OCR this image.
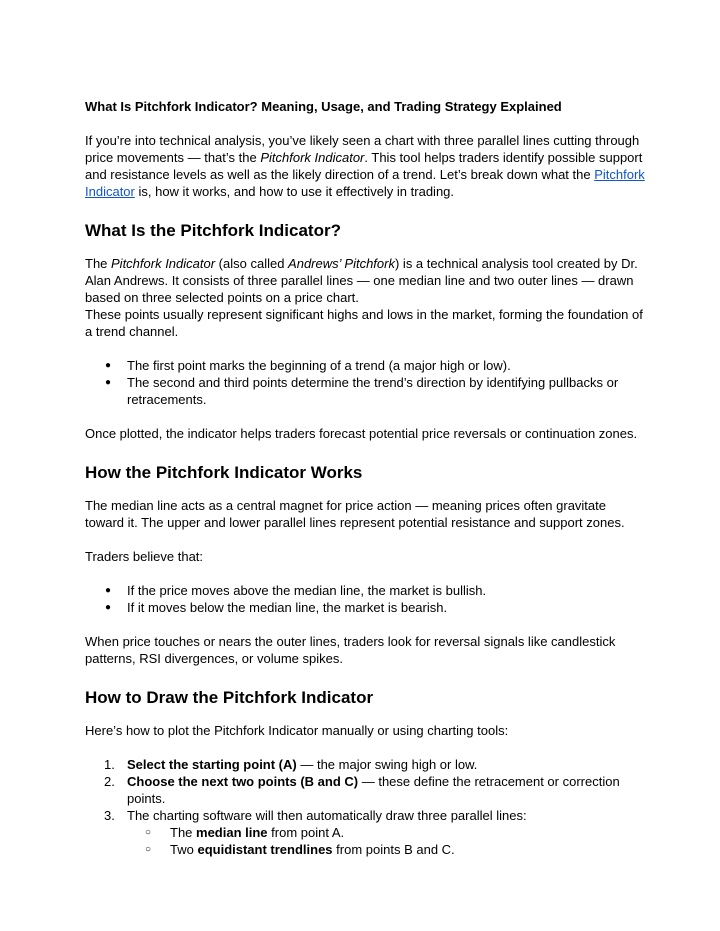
What Is Pitchfork Indicator? Meaning, Usage, and Trading Strategy Explained

If you’re into technical analysis, you’ve likely seen a chart with three parallel lines cutting through price movements — that’s the Pitchfork Indicator. This tool helps traders identify possible support and resistance levels as well as the likely direction of a trend. Let’s break down what the Pitchfork Indicator is, how it works, and how to use it effectively in trading.

What Is the Pitchfork Indicator?

The Pitchfork Indicator (also called Andrews’ Pitchfork) is a technical analysis tool created by Dr. Alan Andrews. It consists of three parallel lines — one median line and two outer lines — drawn based on three selected points on a price chart.

These points usually represent significant highs and lows in the market, forming the foundation of a trend channel.

● The first point marks the beginning of a trend (a major high or low).
● The second and third points determine the trend’s direction by identifying pullbacks or retracements.

Once plotted, the indicator helps traders forecast potential price reversals or continuation zones.

How the Pitchfork Indicator Works

The median line acts as a central magnet for price action — meaning prices often gravitate toward it. The upper and lower parallel lines represent potential resistance and support zones.

Traders believe that:

● If the price moves above the median line, the market is bullish.
● If it moves below the median line, the market is bearish.

When price touches or nears the outer lines, traders look for reversal signals like candlestick patterns, RSI divergences, or volume spikes.

How to Draw the Pitchfork Indicator

Here’s how to plot the Pitchfork Indicator manually or using charting tools:

1. Select the starting point (A) — the major swing high or low.
2. Choose the next two points (B and C) — these define the retracement or correction points.
3. The charting software will then automatically draw three parallel lines:
○ The median line from point A.
○ Two equidistant trendlines from points B and C.
